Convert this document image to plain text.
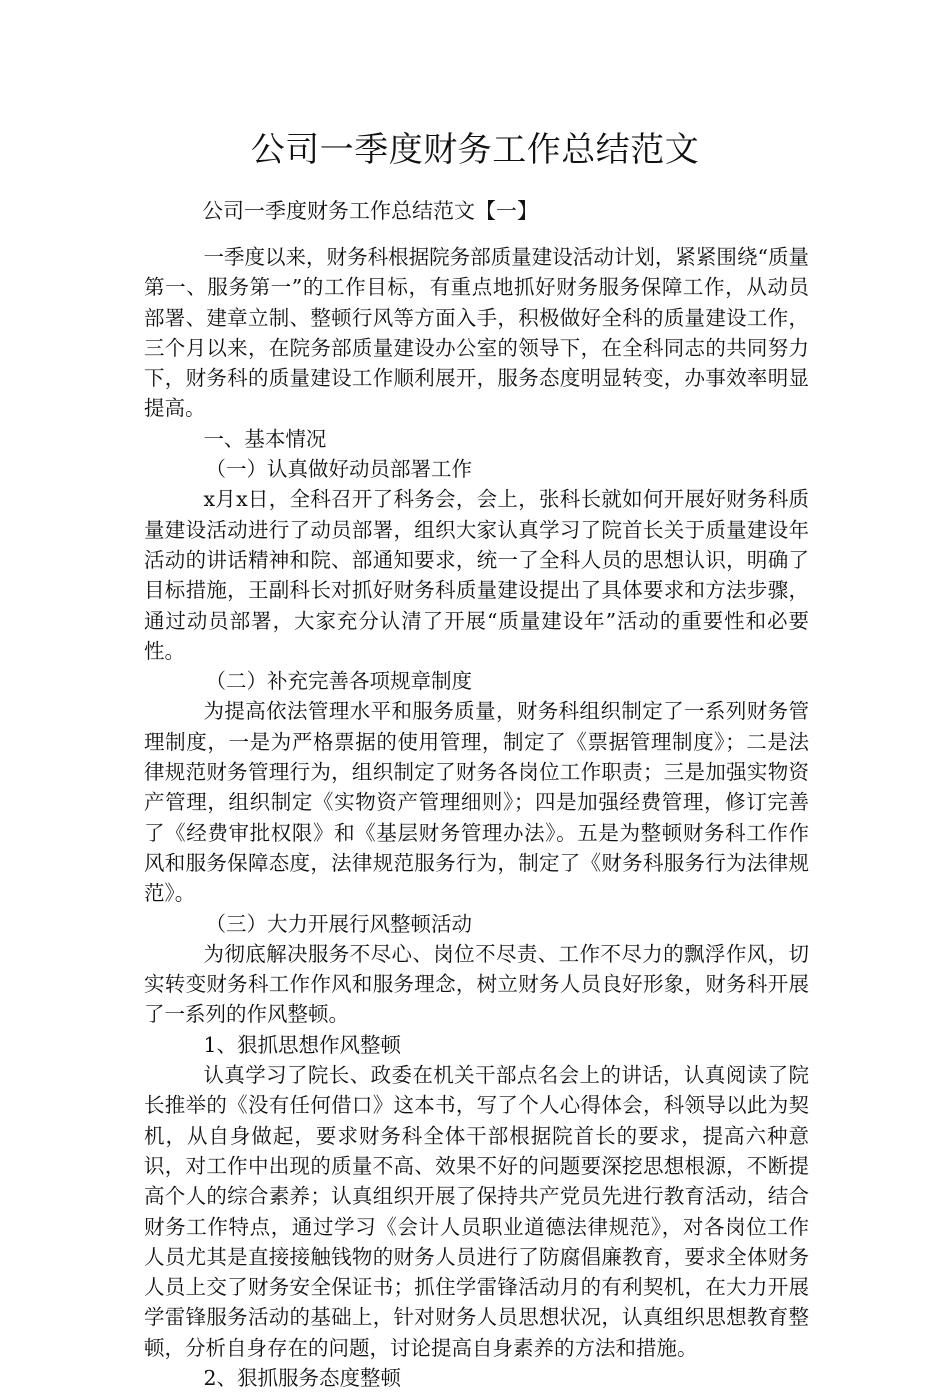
公司一季度财务工作总结范文

公司一季度财务工作总结范文【一】

一季度以来，财务科根据院务部质量建设活动计划，紧紧围绕“质量第一、服务第一”的工作目标，有重点地抓好财务服务保障工作，从动员部署、建章立制、整顿行风等方面入手，积极做好全科的质量建设工作，三个月以来，在院务部质量建设办公室的领导下，在全科同志的共同努力下，财务科的质量建设工作顺利展开，服务态度明显转变，办事效率明显提高。

一、基本情况

（一）认真做好动员部署工作

x月x日，全科召开了科务会，会上，张科长就如何开展好财务科质量建设活动进行了动员部署，组织大家认真学习了院首长关于质量建设年活动的讲话精神和院、部通知要求，统一了全科人员的思想认识，明确了目标措施，王副科长对抓好财务科质量建设提出了具体要求和方法步骤，通过动员部署，大家充分认清了开展“质量建设年”活动的重要性和必要性。

（二）补充完善各项规章制度

为提高依法管理水平和服务质量，财务科组织制定了一系列财务管理制度，一是为严格票据的使用管理，制定了《票据管理制度》；二是法律规范财务管理行为，组织制定了财务各岗位工作职责；三是加强实物资产管理，组织制定《实物资产管理细则》；四是加强经费管理，修订完善了《经费审批权限》和《基层财务管理办法》。五是为整顿财务科工作作风和服务保障态度，法律规范服务行为，制定了《财务科服务行为法律规范》。

（三）大力开展行风整顿活动

为彻底解决服务不尽心、岗位不尽责、工作不尽力的飘浮作风，切实转变财务科工作作风和服务理念，树立财务人员良好形象，财务科开展了一系列的作风整顿。

1、狠抓思想作风整顿

认真学习了院长、政委在机关干部点名会上的讲话，认真阅读了院长推举的《没有任何借口》这本书，写了个人心得体会，科领导以此为契机，从自身做起，要求财务科全体干部根据院首长的要求，提高六种意识，对工作中出现的质量不高、效果不好的问题要深挖思想根源，不断提高个人的综合素养；认真组织开展了保持共产党员先进行教育活动，结合财务工作特点，通过学习《会计人员职业道德法律规范》，对各岗位工作人员尤其是直接接触钱物的财务人员进行了防腐倡廉教育，要求全体财务人员上交了财务安全保证书；抓住学雷锋活动月的有利契机，在大力开展学雷锋服务活动的基础上，针对财务人员思想状况，认真组织思想教育整顿，分析自身存在的问题，讨论提高自身素养的方法和措施。

2、狠抓服务态度整顿
